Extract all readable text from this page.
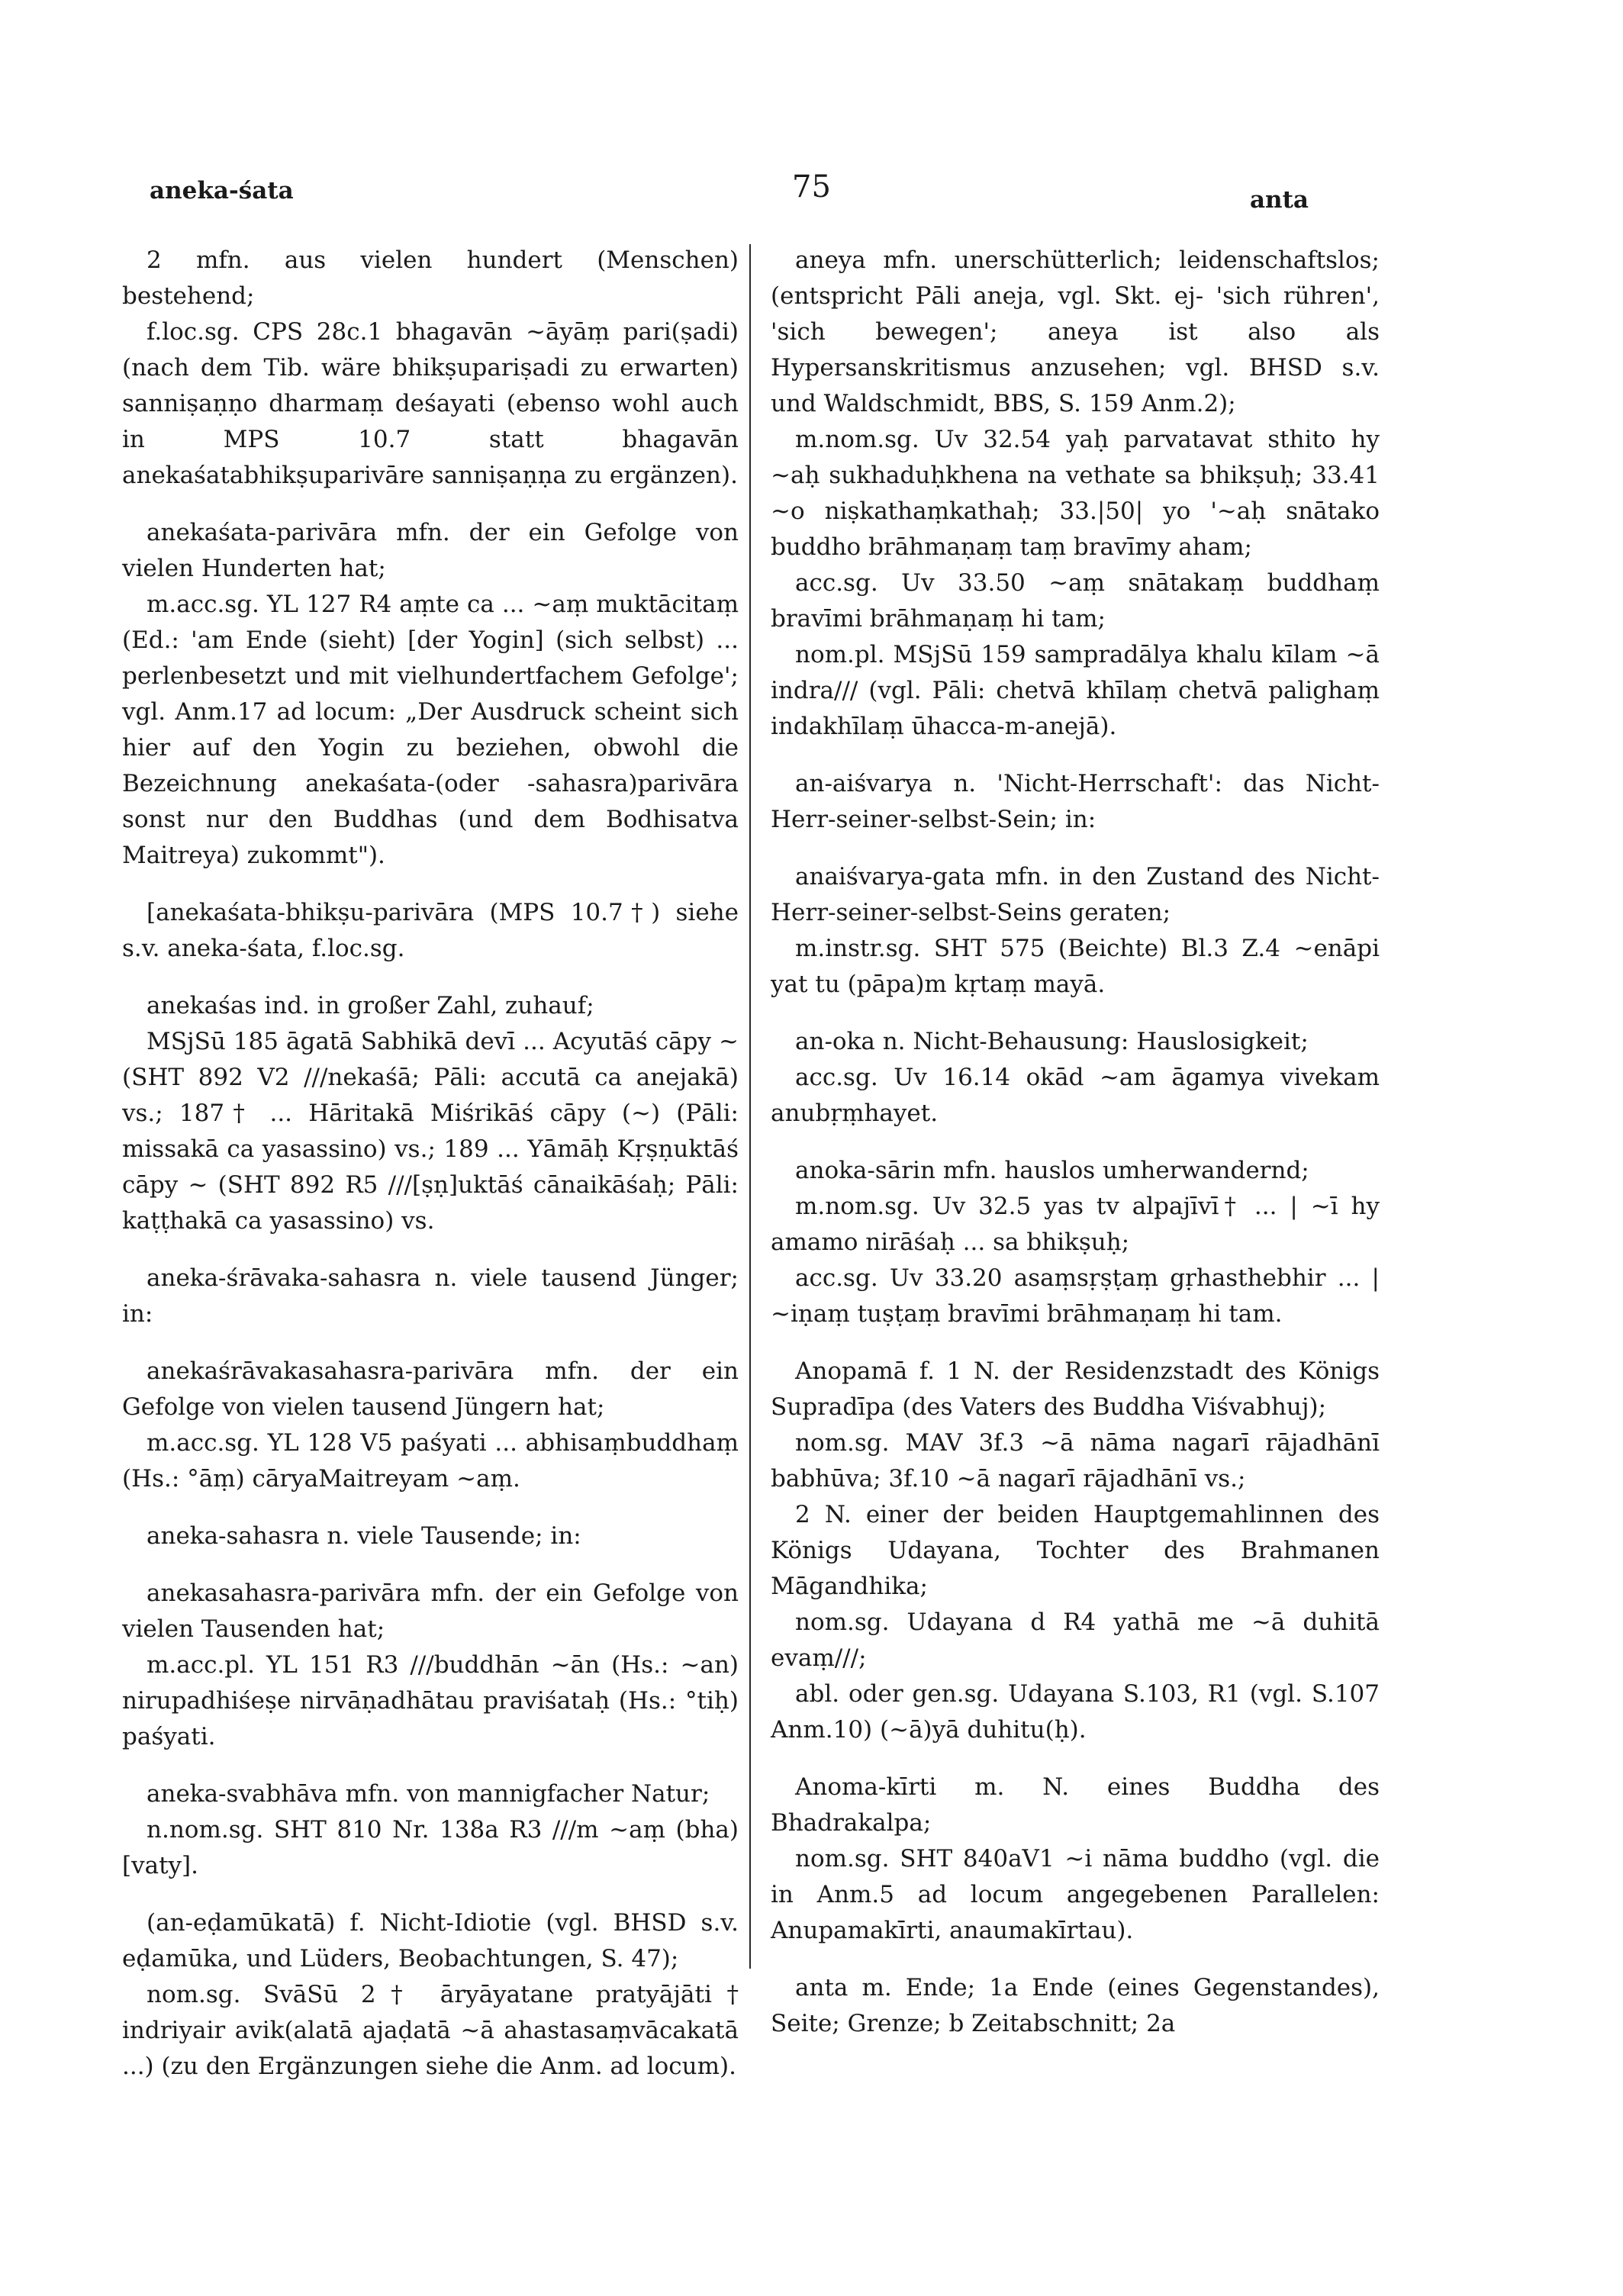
aneka-śata	75	anta
2 mfn. aus vielen hundert (Menschen) bestehend;
f.loc.sg. CPS 28c.1 bhagavān ~āyāṃ pari(ṣadi) (nach dem Tib. wäre bhikṣupariṣadi zu erwarten) sanniṣaṇṇo dharmaṃ deśayati (ebenso wohl auch in MPS 10.7 statt bhagavān anekaśatabhikṣuparivāre sanniṣaṇṇa zu ergänzen).
anekaśata-parivāra mfn. der ein Gefolge von vielen Hunderten hat;
m.acc.sg. YL 127 R4 aṃte ca ... ~aṃ muktācitaṃ (Ed.: 'am Ende (sieht) [der Yogin] (sich selbst) ... perlenbesetzt und mit vielhundertfachem Gefolge'; vgl. Anm.17 ad locum: „Der Ausdruck scheint sich hier auf den Yogin zu beziehen, obwohl die Bezeichnung anekaśata-(oder -sahasra)parivāra sonst nur den Buddhas (und dem Bodhisatva Maitreya) zukommt").
[anekaśata-bhikṣu-parivāra (MPS 10.7†) siehe s.v. aneka-śata, f.loc.sg.
anekaśas ind. in großer Zahl, zuhauf;
MSjSū 185 āgatā Sabhikā devī ... Acyutāś cāpy ~ (SHT 892 V2 ///nekaśā; Pāli: accutā ca anejakā) vs.; 187† ... Hāritakā Miśrikāś cāpy (~) (Pāli: missakā ca yasassino) vs.; 189 ... Yāmāḥ Kṛṣṇuktāś cāpy ~ (SHT 892 R5 ///[ṣṇ]uktāś cānaikāśaḥ; Pāli: kaṭṭhakā ca yasassino) vs.
aneka-śrāvaka-sahasra n. viele tausend Jünger; in:
anekaśrāvakasahasra-parivāra mfn. der ein Gefolge von vielen tausend Jüngern hat;
m.acc.sg. YL 128 V5 paśyati ... abhisaṃbuddhaṃ (Hs.: °āṃ) cāryaMaitreyam ~aṃ.
aneka-sahasra n. viele Tausende; in:
anekasahasra-parivāra mfn. der ein Gefolge von vielen Tausenden hat;
m.acc.pl. YL 151 R3 ///buddhān ~ān (Hs.: ~an) nirupadhiśeṣe nirvāṇadhātau praviśataḥ (Hs.: °tiḥ) paśyati.
aneka-svabhāva mfn. von mannigfacher Natur;
n.nom.sg. SHT 810 Nr. 138a R3 ///m ~aṃ (bha)[vaty].
(an-eḍamūkatā) f. Nicht-Idiotie (vgl. BHSD s.v. eḍamūka, und Lüders, Beobachtungen, S. 47);
nom.sg. SvāSū 2† āryāyatane pratyājāti† indriyair avik(alatā ajaḍatā ~ā ahastasaṃvācakatā ...) (zu den Ergänzungen siehe die Anm. ad locum).
aneya mfn. unerschütterlich; leidenschaftslos; (entspricht Pāli aneja, vgl. Skt. ej- 'sich rühren', 'sich bewegen'; aneya ist also als Hypersanskritismus anzusehen; vgl. BHSD s.v. und Waldschmidt, BBS, S. 159 Anm.2);
m.nom.sg. Uv 32.54 yaḥ parvatavat sthito hy ~aḥ sukhaduḥkhena na vethate sa bhikṣuḥ; 33.41 ~o niṣkathaṃkathaḥ; 33.|50| yo '~aḥ snātako buddho brāhmaṇaṃ taṃ bravīmy aham;
acc.sg. Uv 33.50 ~aṃ snātakaṃ buddhaṃ bravīmi brāhmaṇaṃ hi tam;
nom.pl. MSjSū 159 sampradālya khalu kīlam ~ā indra/// (vgl. Pāli: chetvā khīlaṃ chetvā palighaṃ indakhīlaṃ ūhacca-m-anejā).
an-aiśvarya n. 'Nicht-Herrschaft': das Nicht-Herr-seiner-selbst-Sein; in:
anaiśvarya-gata mfn. in den Zustand des Nicht-Herr-seiner-selbst-Seins geraten;
m.instr.sg. SHT 575 (Beichte) Bl.3 Z.4 ~enāpi yat tu (pāpa)m kṛtaṃ mayā.
an-oka n. Nicht-Behausung: Hauslosigkeit;
acc.sg. Uv 16.14 okād ~am āgamya vivekam anubṛṃhayet.
anoka-sārin mfn. hauslos umherwandernd;
m.nom.sg. Uv 32.5 yas tv alpajīvī† ... | ~ī hy amamo nirāśaḥ ... sa bhikṣuḥ;
acc.sg. Uv 33.20 asaṃsṛṣṭaṃ gṛhasthebhir ... | ~iṇaṃ tuṣṭaṃ bravīmi brāhmaṇaṃ hi tam.
Anopamā f. 1 N. der Residenzstadt des Königs Supradīpa (des Vaters des Buddha Viśvabhuj);
nom.sg. MAV 3f.3 ~ā nāma nagarī rājadhānī babhūva; 3f.10 ~ā nagarī rājadhānī vs.;
2 N. einer der beiden Hauptgemahlinnen des Königs Udayana, Tochter des Brahmanen Māgandhika;
nom.sg. Udayana d R4 yathā me ~ā duhitā evaṃ///;
abl. oder gen.sg. Udayana S.103, R1 (vgl. S.107 Anm.10) (~ā)yā duhitu(ḥ).
Anoma-kīrti m. N. eines Buddha des Bhadrakalpa;
nom.sg. SHT 840aV1 ~i nāma buddho (vgl. die in Anm.5 ad locum angegebenen Parallelen: Anupamakīrti, anaumakīrtau).
anta m. Ende; 1a Ende (eines Gegenstandes), Seite; Grenze; b Zeitabschnitt; 2a
